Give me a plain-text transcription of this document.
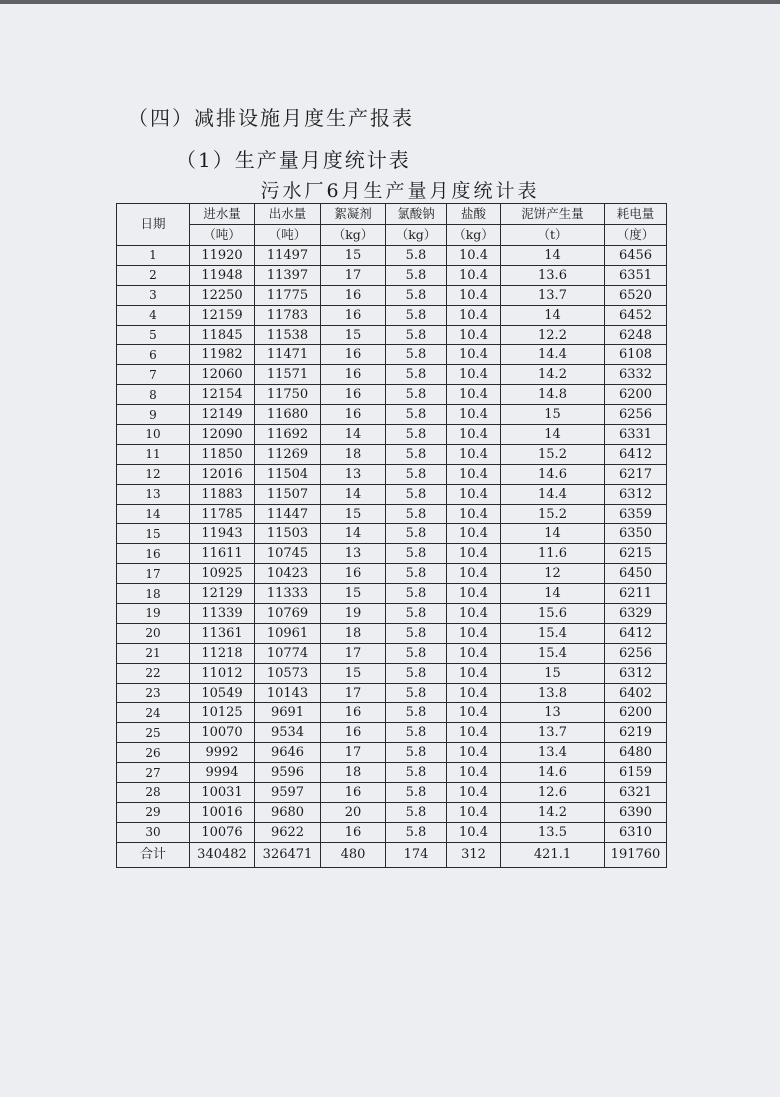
（四）减排设施月度生产报表
（1）生产量月度统计表
污水厂6月生产量月度统计表
日期	进水量	出水量	絮凝剂	氯酸钠	盐酸	泥饼产生量	耗电量
	（吨）	（吨）	（kg）	（kg）	（kg）	（t）	（度）
1	11920	11497	15	5.8	10.4	14	6456
2	11948	11397	17	5.8	10.4	13.6	6351
3	12250	11775	16	5.8	10.4	13.7	6520
4	12159	11783	16	5.8	10.4	14	6452
5	11845	11538	15	5.8	10.4	12.2	6248
6	11982	11471	16	5.8	10.4	14.4	6108
7	12060	11571	16	5.8	10.4	14.2	6332
8	12154	11750	16	5.8	10.4	14.8	6200
9	12149	11680	16	5.8	10.4	15	6256
10	12090	11692	14	5.8	10.4	14	6331
11	11850	11269	18	5.8	10.4	15.2	6412
12	12016	11504	13	5.8	10.4	14.6	6217
13	11883	11507	14	5.8	10.4	14.4	6312
14	11785	11447	15	5.8	10.4	15.2	6359
15	11943	11503	14	5.8	10.4	14	6350
16	11611	10745	13	5.8	10.4	11.6	6215
17	10925	10423	16	5.8	10.4	12	6450
18	12129	11333	15	5.8	10.4	14	6211
19	11339	10769	19	5.8	10.4	15.6	6329
20	11361	10961	18	5.8	10.4	15.4	6412
21	11218	10774	17	5.8	10.4	15.4	6256
22	11012	10573	15	5.8	10.4	15	6312
23	10549	10143	17	5.8	10.4	13.8	6402
24	10125	9691	16	5.8	10.4	13	6200
25	10070	9534	16	5.8	10.4	13.7	6219
26	9992	9646	17	5.8	10.4	13.4	6480
27	9994	9596	18	5.8	10.4	14.6	6159
28	10031	9597	16	5.8	10.4	12.6	6321
29	10016	9680	20	5.8	10.4	14.2	6390
30	10076	9622	16	5.8	10.4	13.5	6310
合计	340482	326471	480	174	312	421.1	191760
